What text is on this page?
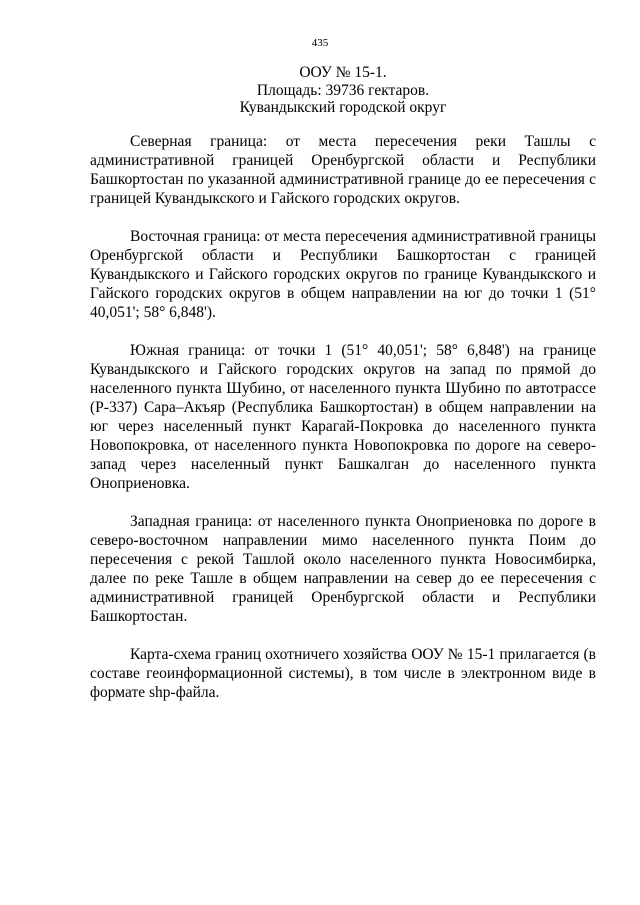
435
ООУ № 15-1.
Площадь: 39736 гектаров.
Кувандыкский городской округ

Северная граница: от места пересечения реки Ташлы с административной границей Оренбургской области и Республики Башкортостан по указанной административной границе до ее пересечения с границей Кувандыкского и Гайского городских округов.

Восточная граница: от места пересечения административной границы Оренбургской области и Республики Башкортостан с границей Кувандыкского и Гайского городских округов по границе Кувандыкского и Гайского городских округов в общем направлении на юг до точки 1 (51° 40,051'; 58° 6,848').

Южная граница: от точки 1 (51° 40,051'; 58° 6,848') на границе Кувандыкского и Гайского городских округов на запад по прямой до населенного пункта Шубино, от населенного пункта Шубино по автотрассе (Р-337) Сара–Акъяр (Республика Башкортостан) в общем направлении на юг через населенный пункт Карагай-Покровка до населенного пункта Новопокровка, от населенного пункта Новопокровка по дороге на северо-запад через населенный пункт Башкалган до населенного пункта Оноприеновка.

Западная граница: от населенного пункта Оноприеновка по дороге в северо-восточном направлении мимо населенного пункта Поим до пересечения с рекой Ташлой около населенного пункта Новосимбирка, далее по реке Ташле в общем направлении на север до ее пересечения с административной границей Оренбургской области и Республики Башкортостан.

Карта-схема границ охотничего хозяйства ООУ № 15-1 прилагается (в составе геоинформационной системы), в том числе в электронном виде в формате shp-файла.
